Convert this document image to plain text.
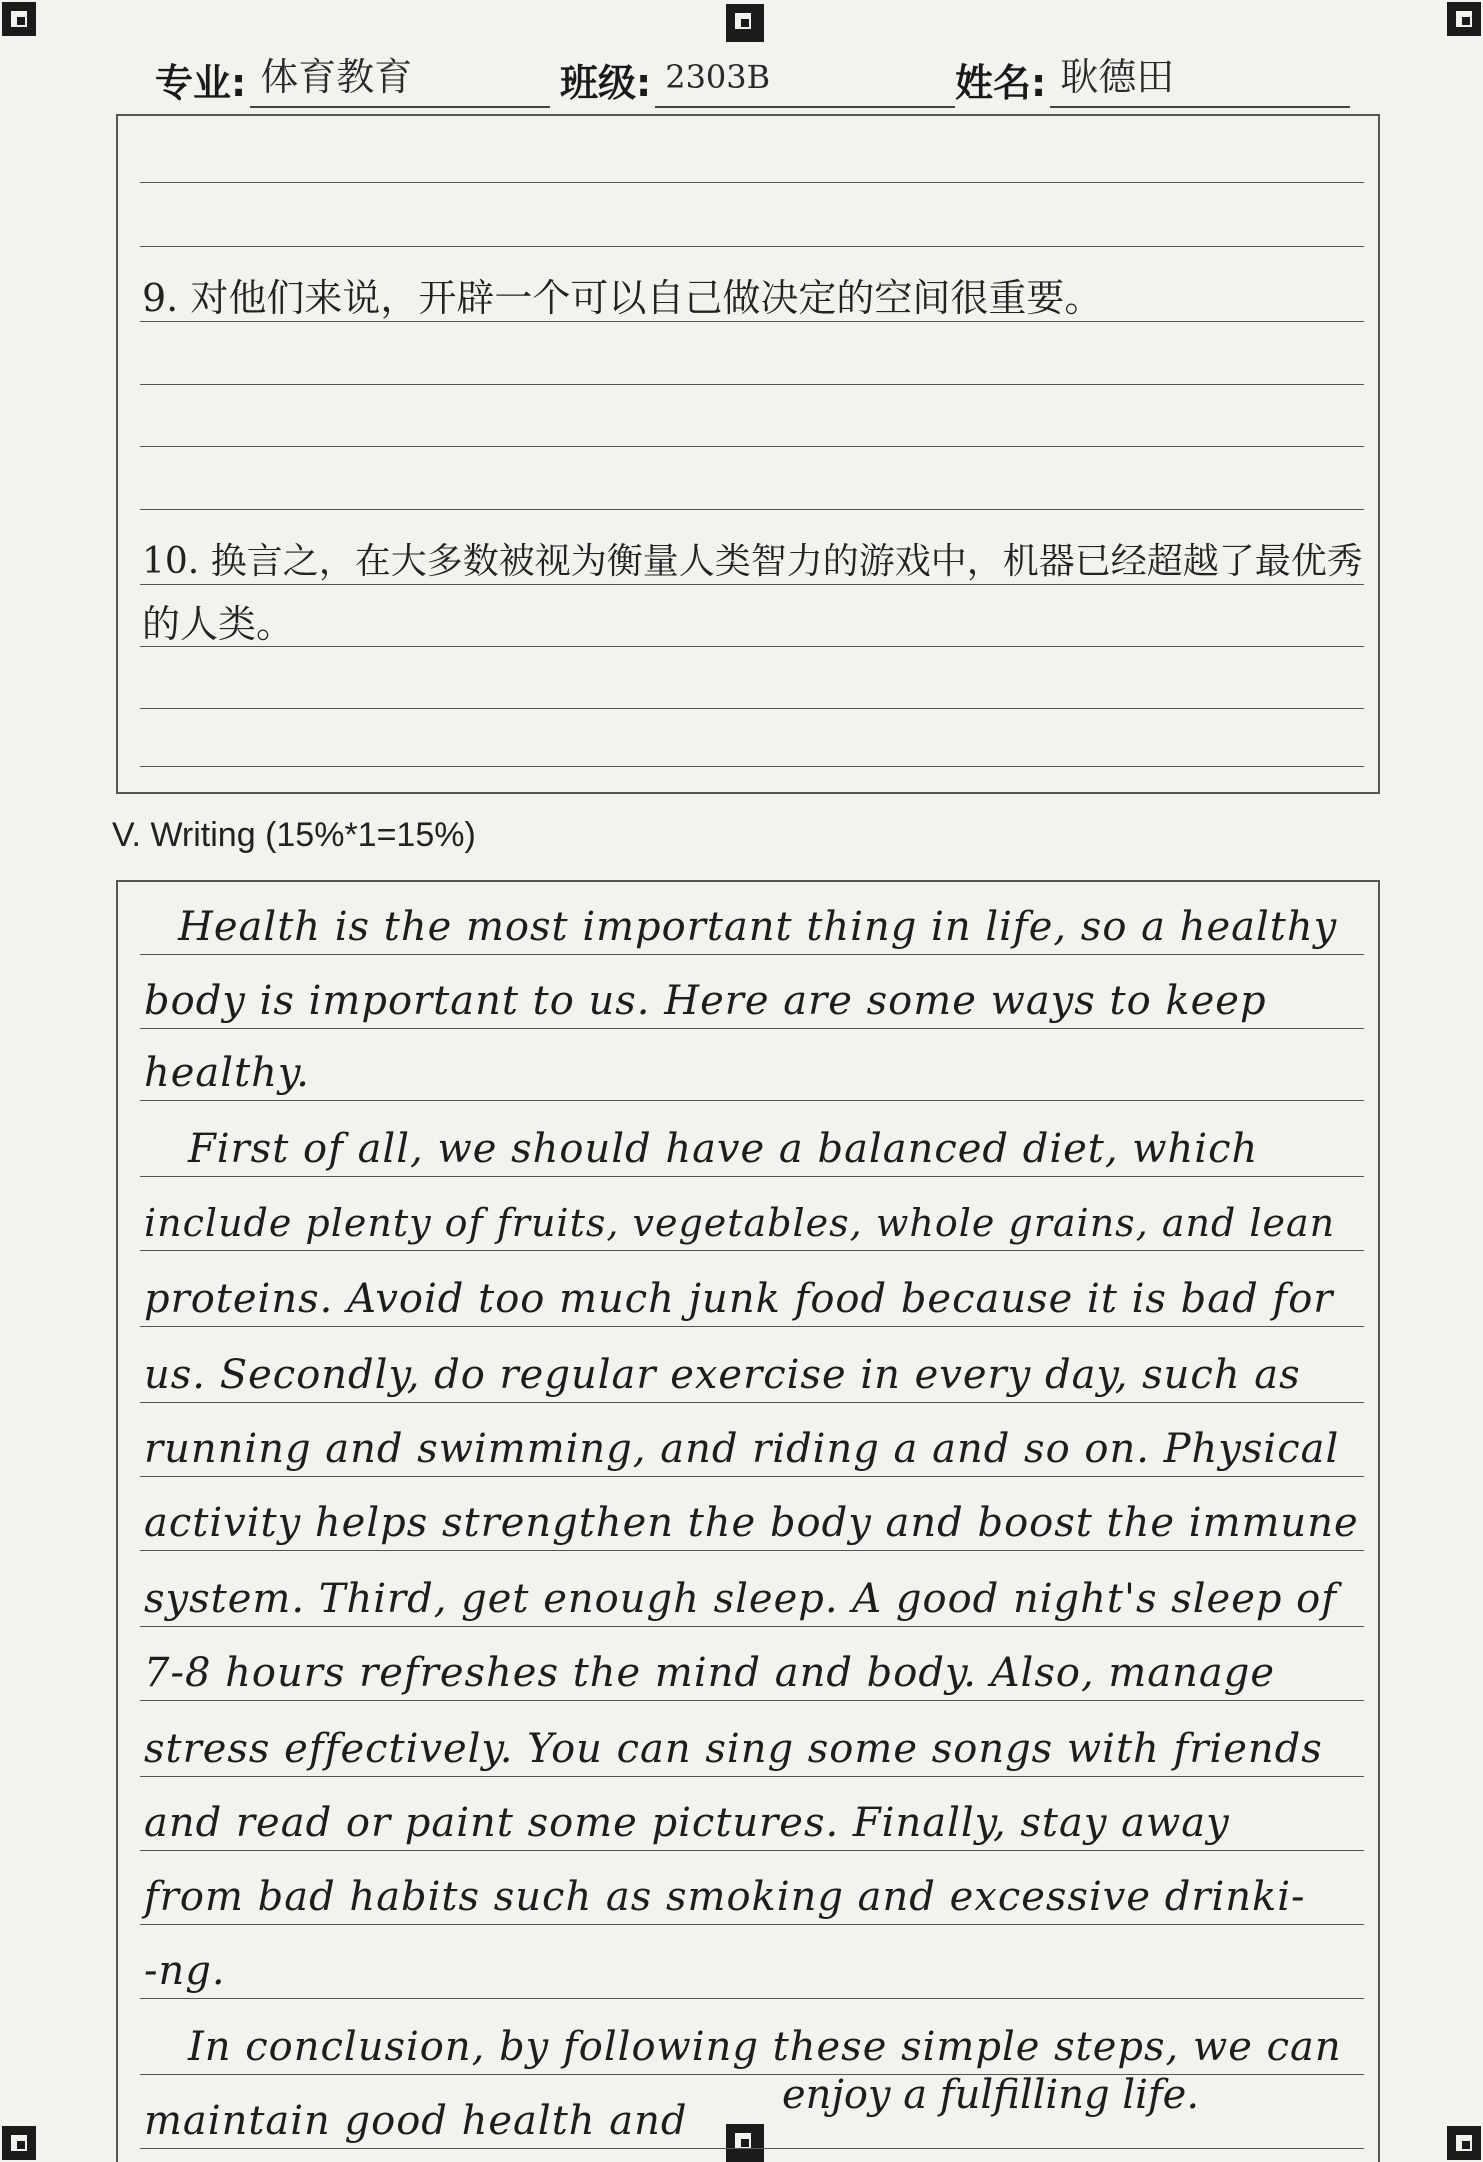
专业: 体育教育	班级: 2303B	姓名: 耿德田
9. 对他们来说，开辟一个可以自己做决定的空间很重要。
10. 换言之，在大多数被视为衡量人类智力的游戏中，机器已经超越了最优秀
的人类。
V. Writing (15%*1=15%)
Health is the most important thing in life, so a healthy
body is important to us. Here are some ways to keep
healthy.
First of all, we should have a balanced diet, which
include plenty of fruits, vegetables, whole grains, and lean
proteins. Avoid too much junk food because it is bad for
us. Secondly, do regular exercise in every day, such as
running and swimming, and riding a and so on. Physical
activity helps strengthen the body and boost the immune
system. Third, get enough sleep. A good night's sleep of
7-8 hours refreshes the mind and body. Also, manage
stress effectively. You can sing some songs with friends
and read or paint some pictures. Finally, stay away
from bad habits such as smoking and excessive drinki-
-ng.
In conclusion, by following these simple steps, we can
maintain good health and
enjoy a fulfilling life.
